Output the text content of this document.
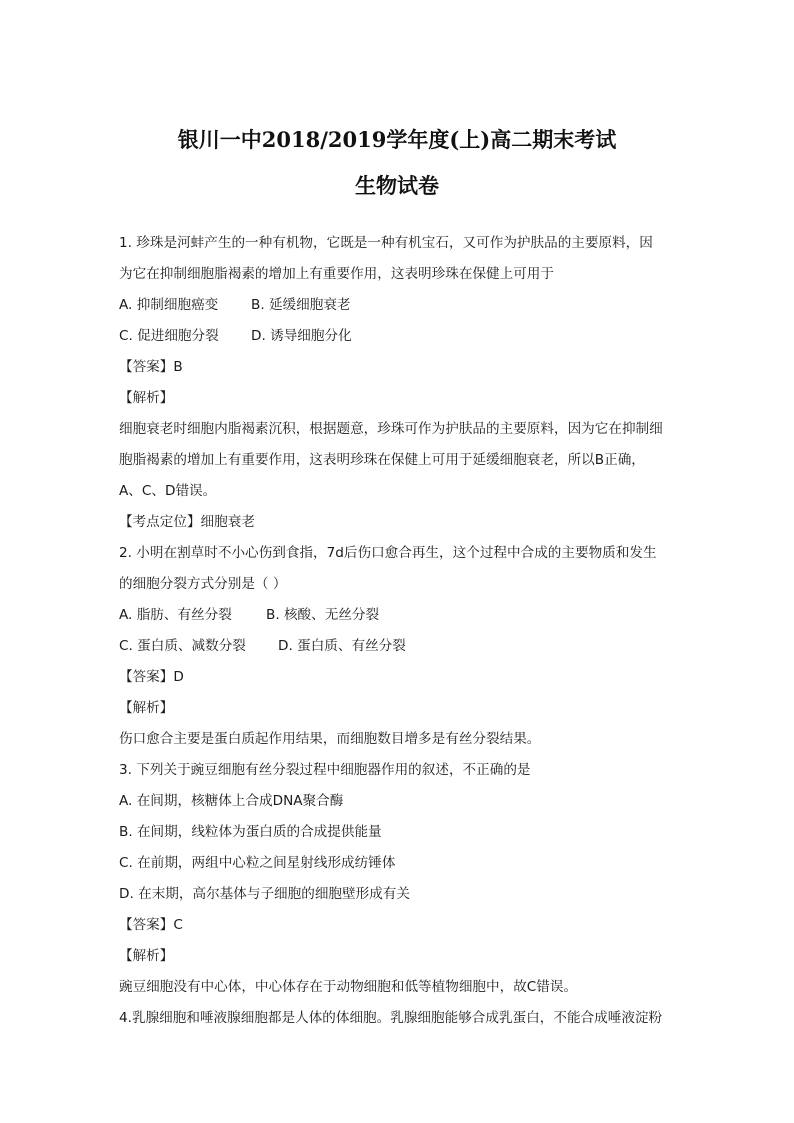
银川一中2018/2019学年度(上)高二期末考试
生物试卷
1. 珍珠是河蚌产生的一种有机物，它既是一种有机宝石，又可作为护肤品的主要原料，因
为它在抑制细胞脂褐素的增加上有重要作用，这表明珍珠在保健上可用于
A. 抑制细胞癌变 B. 延缓细胞衰老
C. 促进细胞分裂 D. 诱导细胞分化
【答案】B
【解析】
细胞衰老时细胞内脂褐素沉积，根据题意，珍珠可作为护肤品的主要原料，因为它在抑制细
胞脂褐素的增加上有重要作用，这表明珍珠在保健上可用于延缓细胞衰老，所以B正确，
A、C、D错误。
【考点定位】细胞衰老
2. 小明在割草时不小心伤到食指，7d后伤口愈合再生，这个过程中合成的主要物质和发生
的细胞分裂方式分别是（ ）
A. 脂肪、有丝分裂	B. 核酸、无丝分裂
C. 蛋白质、减数分裂 D. 蛋白质、有丝分裂
【答案】D
【解析】
伤口愈合主要是蛋白质起作用结果，而细胞数目增多是有丝分裂结果。
3. 下列关于豌豆细胞有丝分裂过程中细胞器作用的叙述，不正确的是
A. 在间期，核糖体上合成DNA聚合酶
B. 在间期，线粒体为蛋白质的合成提供能量
C. 在前期，两组中心粒之间星射线形成纺锤体
D. 在末期，高尔基体与子细胞的细胞壁形成有关
【答案】C
【解析】
豌豆细胞没有中心体，中心体存在于动物细胞和低等植物细胞中，故C错误。
4.乳腺细胞和唾液腺细胞都是人体的体细胞。乳腺细胞能够合成乳蛋白，不能合成唾液淀粉
